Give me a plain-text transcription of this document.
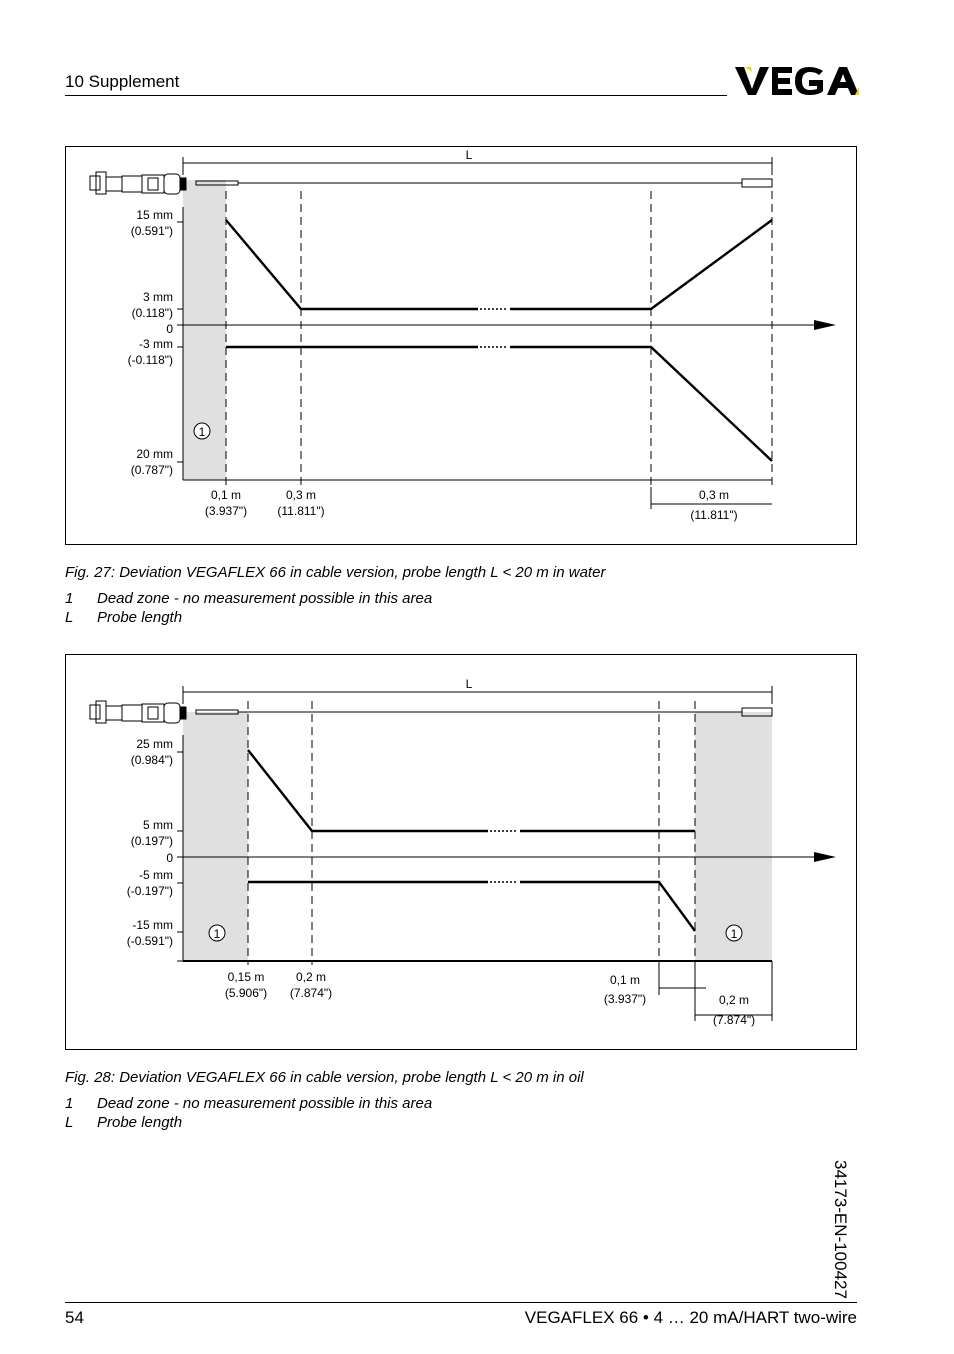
10 Supplement
L
1
15 mm
(0.591")
3 mm
(0.118")
0
-3 mm
(-0.118")
20 mm
(0.787")
0,1 m
(3.937")
0,3 m
(11.811")
0,3 m
(11.811")
Fig. 27: Deviation VEGAFLEX 66 in cable version, probe length L < 20 m in water
1 Dead zone - no measurement possible in this area
L Probe length
L
1	1
25 mm
(0.984")
5 mm
(0.197")
0
-5 mm
(-0.197")
-15 mm
(-0.591")
0,15 m
(5.906")
0,2 m
(7.874")
0,1 m
(3.937")	0,2 m
(7.874")
Fig. 28: Deviation VEGAFLEX 66 in cable version, probe length L < 20 m in oil
1 Dead zone - no measurement possible in this area
L Probe length
34173-EN-100427
54	VEGAFLEX 66 • 4 … 20 mA/HART two-wire
